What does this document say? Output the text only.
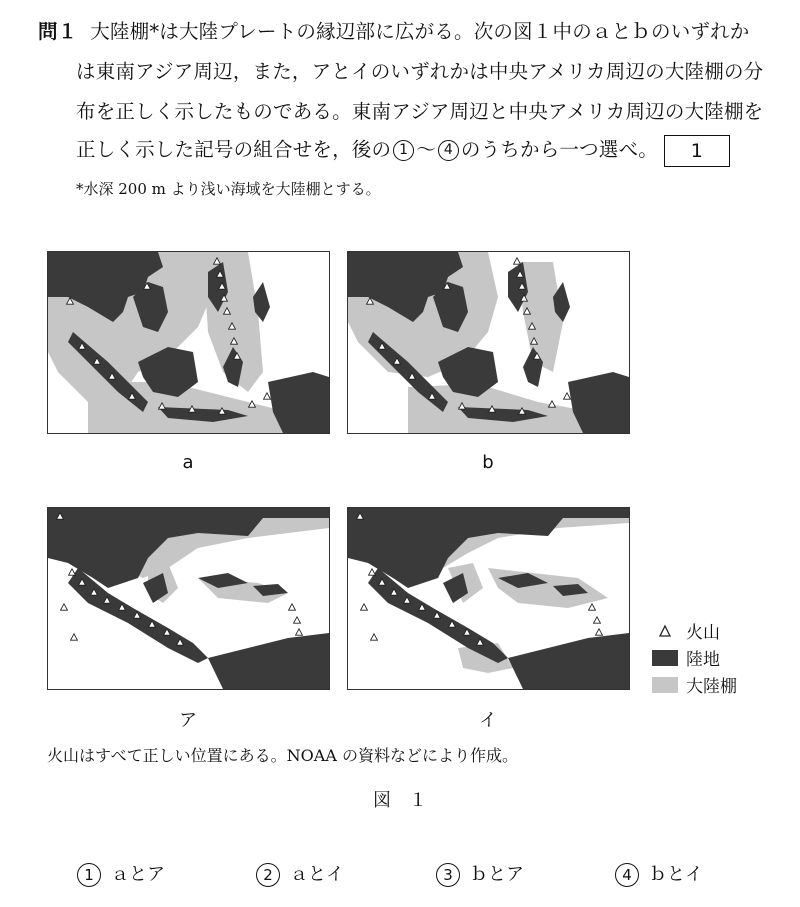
問１ 大陸棚*は大陸プレートの縁辺部に広がる。次の図１中のａとｂのいずれか
は東南アジア周辺，また，アとイのいずれかは中央アメリカ周辺の大陸棚の分
布を正しく示したものである。東南アジア周辺と中央アメリカ周辺の大陸棚を
正しく示した記号の組合せを，後の 1 ～ 4 のうちから一つ選べ。 1
*水深 200 m より浅い海域を大陸棚とする。
a	b
ア	イ
火山
陸地
大陸棚
火山はすべて正しい位置にある。NOAA の資料などにより作成。
図　１
1 ａとア	2 ａとイ	3 ｂとア	4 ｂとイ
